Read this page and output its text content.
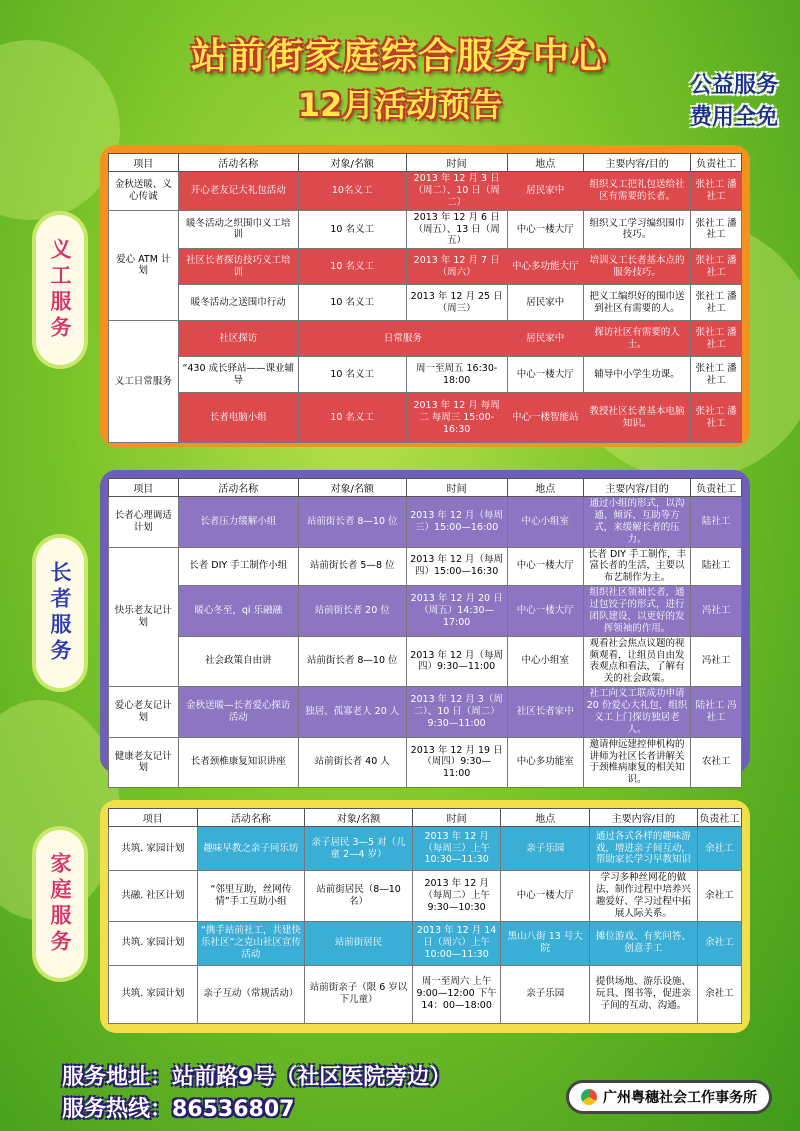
站前街家庭综合服务中心
12月活动预告
公益服务
费用全免
义工服务
长者服务
家庭服务
项目	活动名称	对象/名额	时间	地点	主要内容/目的	负责社工
金秋送暖、义心传诚	开心老友记大礼包活动	10名义工	2013 年 12 月 3 日（周二）、10 日（周二）	居民家中	组织义工把礼包送给社区有需要的长者。	张社工 潘社工
爱心 ATM 计划	暖冬活动之织围巾义工培训	10 名义工	2013 年 12 月 6 日（周五）、13 日（周五）	中心一楼大厅	组织义工学习编织围巾技巧。	张社工 潘社工
	社区长者探访技巧义工培训	10 名义工	2013 年 12 月 7 日（周六）	中心多功能大厅	培训义工长者基本点的服务技巧。	张社工 潘社工
	暖冬活动之送围巾行动	10 名义工	2013 年 12 月 25 日（周三）	居民家中	把义工编织好的围巾送到社区有需要的人。	张社工 潘社工
义工日常服务	社区探访	日常服务		居民家中	探访社区有需要的人士。	张社工 潘社工
	“430 成长驿站——课业辅导	10 名义工	周一至周五 16:30-18:00	中心一楼大厅	辅导中小学生功课。	张社工 潘社工
	长者电脑小组	10 名义工	2013 年 12 月 每周二 每周三 15:00-16:30	中心一楼智能站	教授社区长者基本电脑知识。	张社工 潘社工
项目	活动名称	对象/名额	时间	地点	主要内容/目的	负责社工
长者心理调适计划	长者压力缓解小组	站前街长者 8—10 位	2013 年 12 月（每周三）15:00—16:00	中心小组室	通过小组的形式，以沟通、倾诉、互助等方式，来缓解长者的压力。	陆社工
快乐老友记计划	长者 DIY 手工制作小组	站前街长者 5—8 位	2013 年 12 月（每周四）15:00—16:30	中心一楼大厅	长者 DIY 手工制作，丰富长者的生活，主要以布艺制作为主。	陆社工
	暖心冬至，qi 乐融融	站前街长者 20 位	2013 年 12 月 20 日（周五）14:30—17:00	中心一楼大厅	组织社区领袖长者，通过包饺子的形式，进行团队建设，以更好的发挥领袖的作用。	冯社工
	社会政策自由讲	站前街长者 8—10 位	2013 年 12 月（每周四）9:30—11:00	中心小组室	观看社会焦点议题的视频观看，让组员自由发表观点和看法，了解有关的社会政策。	冯社工
爱心老友记计划	金秋送暖—长者爱心探访活动	独居、孤寡老人 20 人	2013 年 12 月 3（周二）、10 日（周二）9:30—11:00	社区长者家中	社工向义工联成功申请 20 份爱心大礼包，组织义工上门探访独居老人。	陆社工 冯社工
健康老友记计划	长者颈椎康复知识讲座	站前街长者 40 人	2013 年 12 月 19 日（周四）9:30—11:00	中心多功能室	邀请伸远建控伸机构的讲师为社区长者讲解关于颈椎病康复的相关知识。	农社工
项目	活动名称	对象/名额	时间	地点	主要内容/目的	负责社工
共筑. 家园计划	趣味早教之亲子同乐坊	亲子居民 3—5 对（儿童 2—4 岁）	2013 年 12 月（每周三）上午 10:30—11:30	亲子乐园	通过各式各样的趣味游戏，增进亲子间互动，帮助家长学习早教知识	余社工
共融. 社区计划	“邻里互助，丝网传情”手工互助小组	站前街居民（8—10 名）	2013 年 12 月（每周二）上午 9:30—10:30	中心一楼大厅	学习多种丝网花的做法、制作过程中培养兴趣爱好、学习过程中拓展人际关系。	余社工
共筑. 家园计划	“携手站前社工，共建快乐社区”之克山社区宣传活动	站前街居民	2013 年 12 月 14 日（周六）上午 10:00—11:30	黑山八街 13 号大院	摊位游戏、有奖问答、创意手工	余社工
共筑. 家园计划	亲子互动（常规活动）	站前街亲子（限 6 岁以下儿童）	周一至周六 上午 9:00—12:00 下午 14：00—18:00	亲子乐园	提供场地、游乐设施、玩具、图书等，促进亲子间的互动、沟通。	余社工
服务地址：站前路9号（社区医院旁边）
服务热线：86536807	广州粤穗社会工作事务所
